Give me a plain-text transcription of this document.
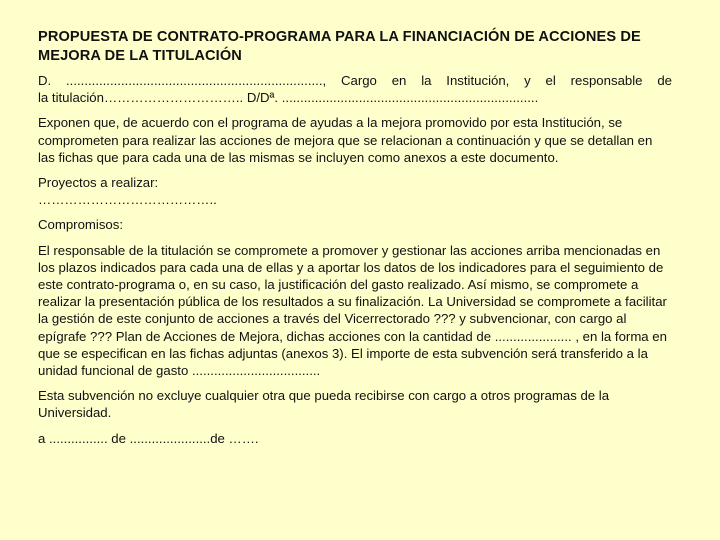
PROPUESTA DE CONTRATO-PROGRAMA PARA LA FINANCIACIÓN DE ACCIONES DE MEJORA DE LA TITULACIÓN
D. ......................................................................, Cargo en la Institución, y el responsable de
la titulación………………………….. D/Dª. ......................................................................
Exponen que, de acuerdo con el programa de ayudas a la mejora promovido por esta Institución, se comprometen para realizar las acciones de mejora que se relacionan a continuación y que se detallan en las fichas que para cada una de las mismas se incluyen como anexos a este documento.
Proyectos a realizar:
…………………………………..
Compromisos:
El responsable de la titulación se compromete a promover y gestionar las acciones arriba mencionadas en los plazos indicados para cada una de ellas y a aportar los datos de los indicadores para el seguimiento de este contrato-programa o, en su caso, la justificación del gasto realizado. Así mismo, se compromete a realizar la presentación pública de los resultados a su finalización. La Universidad se compromete a facilitar la gestión de este conjunto de acciones a través del Vicerrectorado ??? y subvencionar, con cargo al epígrafe ??? Plan de Acciones de Mejora, dichas acciones con la cantidad de ..................... , en la forma en que se especifican en las fichas adjuntas (anexos 3). El importe de esta subvención será transferido a la unidad funcional de gasto ...................................
Esta subvención no excluye cualquier otra que pueda recibirse con cargo a otros programas de la Universidad.
a ................ de ......................de …….
